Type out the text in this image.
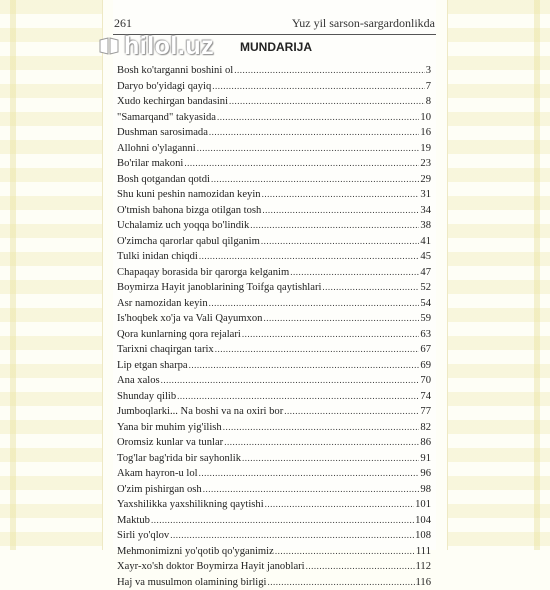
261	Yuz yil sarson-sargardonlikda
hilol.uz MUNDARIJA
Bosh ko'targanni boshini ol .....	3
Daryo bo'yidagi qayiq .....	7
Xudo kechirgan bandasini .....	8
"Samarqand" takyasida .....	10
Dushman sarosimada .....	16
Allohni o'ylaganni .....	19
Bo'rilar makoni .....	23
Bosh qotgandan qotdi .....	29
Shu kuni peshin namozidan keyin .....	31
O'tmish bahona bizga otilgan tosh .....	34
Uchalamiz uch yoqqa bo'lindik .....	38
O'zimcha qarorlar qabul qilganim .....	41
Tulki inidan chiqdi .....	45
Chapaqay borasida bir qarorga kelganim .....	47
Boymirza Hayit janoblarining Toifga qaytishlari .....	52
Asr namozidan keyin .....	54
Is'hoqbek xo'ja va Vali Qayumxon .....	59
Qora kunlarning qora rejalari .....	63
Tarixni chaqirgan tarix .....	67
Lip etgan sharpa .....	69
Ana xalos .....	70
Shunday qilib .....	74
Jumboqlarki... Na boshi va na oxiri bor .....	77
Yana bir muhim yig'ilish .....	82
Oromsiz kunlar va tunlar .....	86
Tog'lar bag'rida bir sayhonlik .....	91
Akam hayron-u lol .....	96
O'zim pishirgan osh .....	98
Yaxshilikka yaxshilikning qaytishi .....	101
Maktub .....	104
Sirli yo'qlov .....	108
Mehmonimizni yo'qotib qo'yganimiz .....	111
Xayr-xo'sh doktor Boymirza Hayit janoblari .....	112
Haj va musulmon olamining birligi .....	116
